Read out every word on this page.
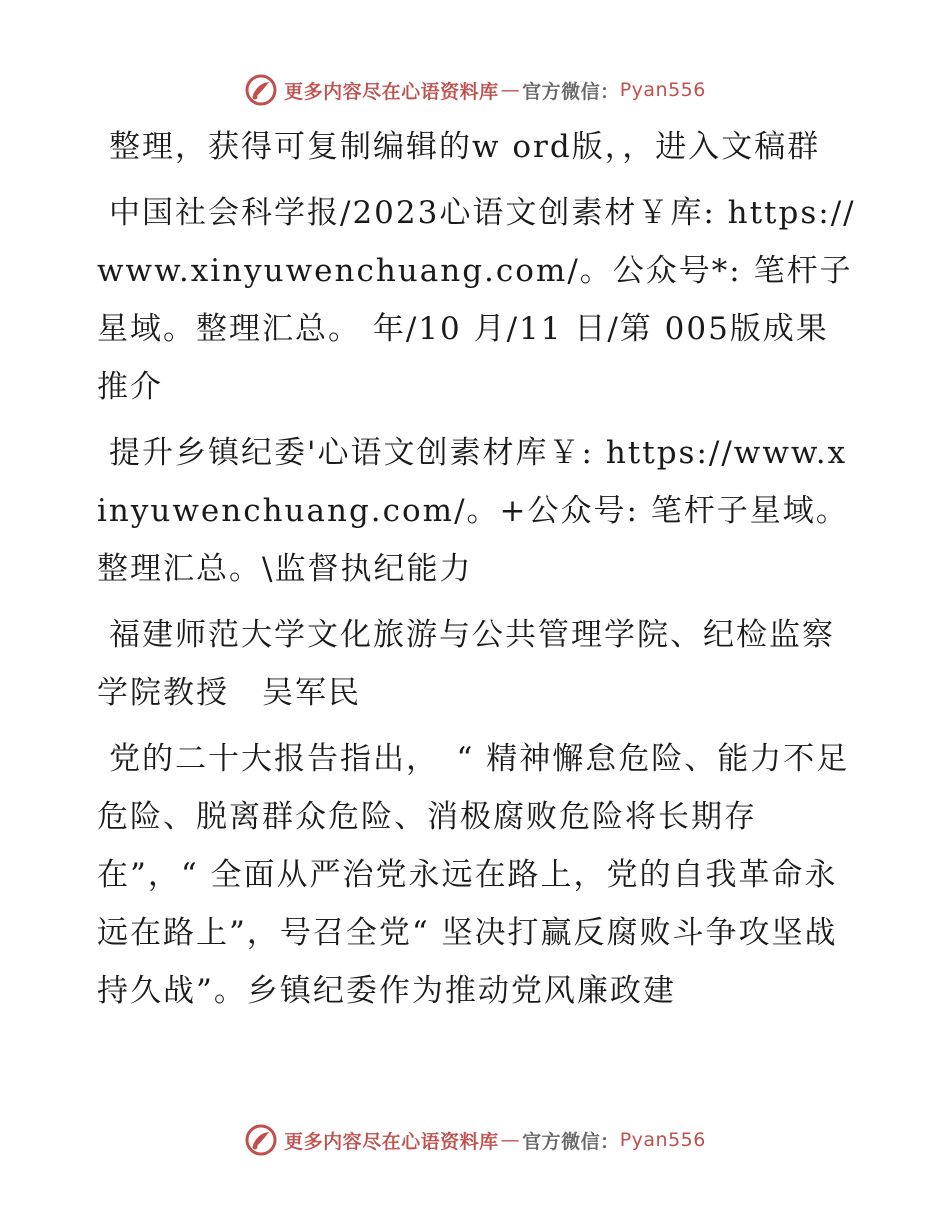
更多内容尽在心语资料库 — 官方微信： Pyan556

整理，获得可复制编辑的w ord版，，进入文稿群

中国社会科学报/2023心语文创素材￥库: https://www.xinyuwenchuang.com/。公众号*: 笔杆子星域。整理汇总。 年/10 月/11 日/第 005版成果推介

提升乡镇纪委'心语文创素材库￥: https://www.xinyuwenchuang.com/。+公众号: 笔杆子星域。整理汇总。\监督执纪能力

福建师范大学文化旅游与公共管理学院、纪检监察学院教授　吴军民

党的二十大报告指出，　“ 精神懈怠危险、能力不足危险、脱离群众危险、消极腐败危险将长期存在”，“ 全面从严治党永远在路上，党的自我革命永远在路上”，号召全党“ 坚决打赢反腐败斗争攻坚战持久战”。乡镇纪委作为推动党风廉政建

更多内容尽在心语资料库 — 官方微信： Pyan556
